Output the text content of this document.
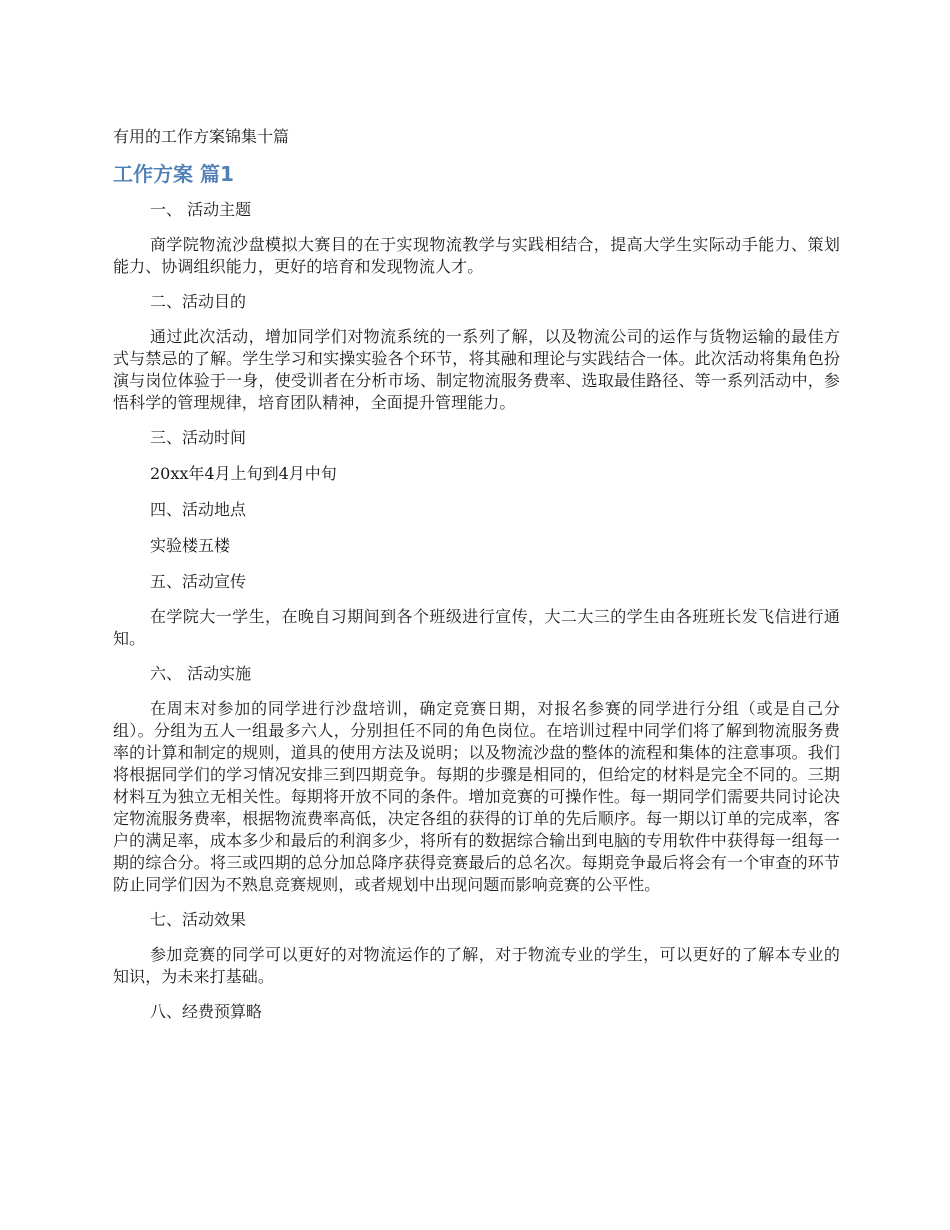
有用的工作方案锦集十篇
工作方案 篇1
一、 活动主题
商学院物流沙盘模拟大赛目的在于实现物流教学与实践相结合，提高大学生实际动手能力、策划能力、协调组织能力，更好的培育和发现物流人才。
二、活动目的
通过此次活动，增加同学们对物流系统的一系列了解，以及物流公司的运作与货物运输的最佳方式与禁忌的了解。学生学习和实操实验各个环节，将其融和理论与实践结合一体。此次活动将集角色扮演与岗位体验于一身，使受训者在分析市场、制定物流服务费率、选取最佳路径、等一系列活动中，参悟科学的管理规律，培育团队精神，全面提升管理能力。
三、活动时间
20xx年4月上旬到4月中旬
四、活动地点
实验楼五楼
五、活动宣传
在学院大一学生，在晚自习期间到各个班级进行宣传，大二大三的学生由各班班长发飞信进行通知。
六、 活动实施
在周末对参加的同学进行沙盘培训，确定竞赛日期，对报名参赛的同学进行分组（或是自己分组）。分组为五人一组最多六人，分别担任不同的角色岗位。在培训过程中同学们将了解到物流服务费率的计算和制定的规则，道具的使用方法及说明；以及物流沙盘的整体的流程和集体的注意事项。我们将根据同学们的学习情况安排三到四期竞争。每期的步骤是相同的，但给定的材料是完全不同的。三期材料互为独立无相关性。每期将开放不同的条件。增加竞赛的可操作性。每一期同学们需要共同讨论决定物流服务费率，根据物流费率高低，决定各组的获得的订单的先后顺序。每一期以订单的完成率，客户的满足率，成本多少和最后的利润多少，将所有的数据综合输出到电脑的专用软件中获得每一组每一期的综合分。将三或四期的总分加总降序获得竞赛最后的总名次。每期竞争最后将会有一个审查的环节防止同学们因为不熟息竞赛规则，或者规划中出现问题而影响竞赛的公平性。
七、活动效果
参加竞赛的同学可以更好的对物流运作的了解，对于物流专业的学生，可以更好的了解本专业的知识，为未来打基础。
八、经费预算略
